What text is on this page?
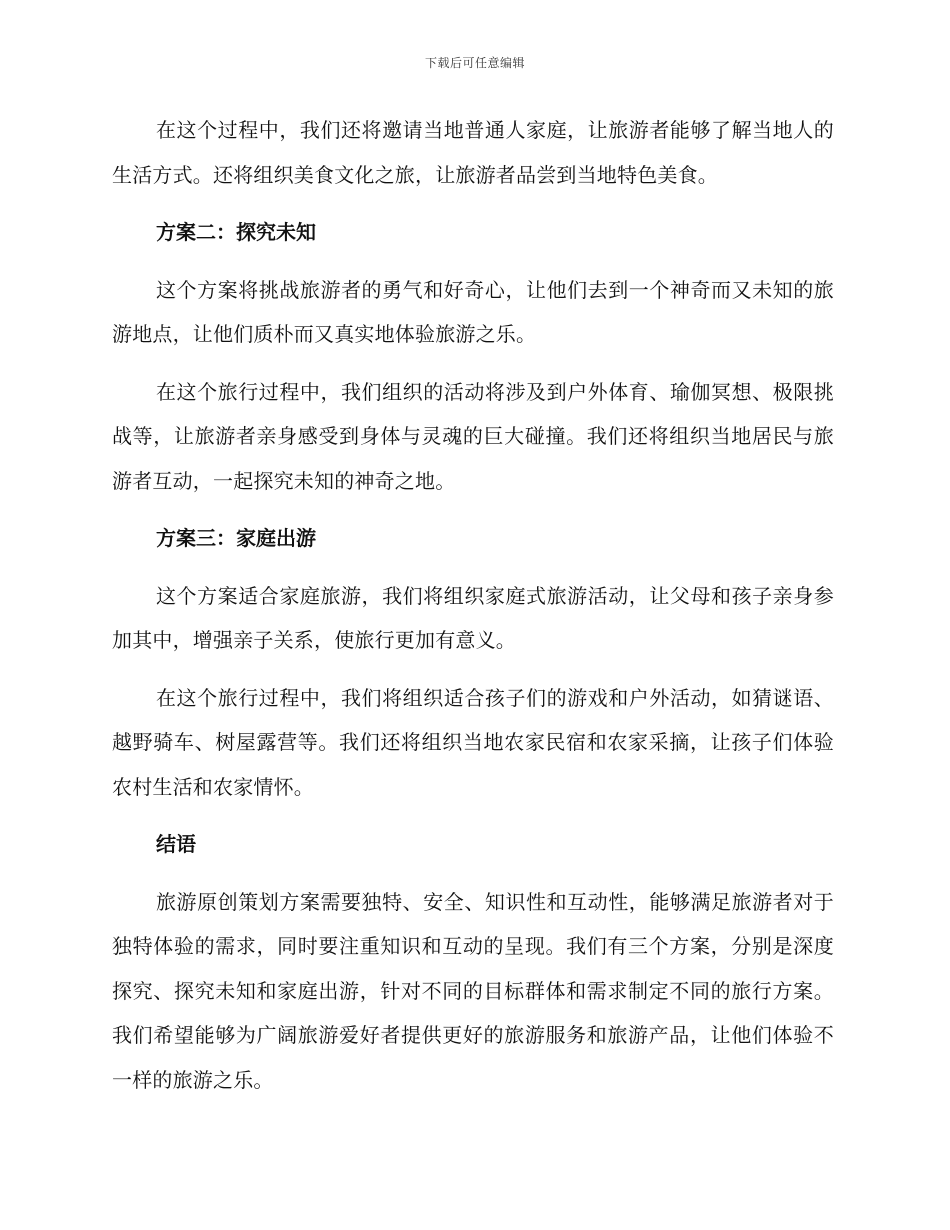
下载后可任意编辑

在这个过程中，我们还将邀请当地普通人家庭，让旅游者能够了解当地人的生活方式。还将组织美食文化之旅，让旅游者品尝到当地特色美食。

方案二：探究未知

这个方案将挑战旅游者的勇气和好奇心，让他们去到一个神奇而又未知的旅游地点，让他们质朴而又真实地体验旅游之乐。

在这个旅行过程中，我们组织的活动将涉及到户外体育、瑜伽冥想、极限挑战等，让旅游者亲身感受到身体与灵魂的巨大碰撞。我们还将组织当地居民与旅游者互动，一起探究未知的神奇之地。

方案三：家庭出游

这个方案适合家庭旅游，我们将组织家庭式旅游活动，让父母和孩子亲身参加其中，增强亲子关系，使旅行更加有意义。

在这个旅行过程中，我们将组织适合孩子们的游戏和户外活动，如猜谜语、越野骑车、树屋露营等。我们还将组织当地农家民宿和农家采摘，让孩子们体验农村生活和农家情怀。

结语

旅游原创策划方案需要独特、安全、知识性和互动性，能够满足旅游者对于独特体验的需求，同时要注重知识和互动的呈现。我们有三个方案，分别是深度探究、探究未知和家庭出游，针对不同的目标群体和需求制定不同的旅行方案。我们希望能够为广阔旅游爱好者提供更好的旅游服务和旅游产品，让他们体验不一样的旅游之乐。
